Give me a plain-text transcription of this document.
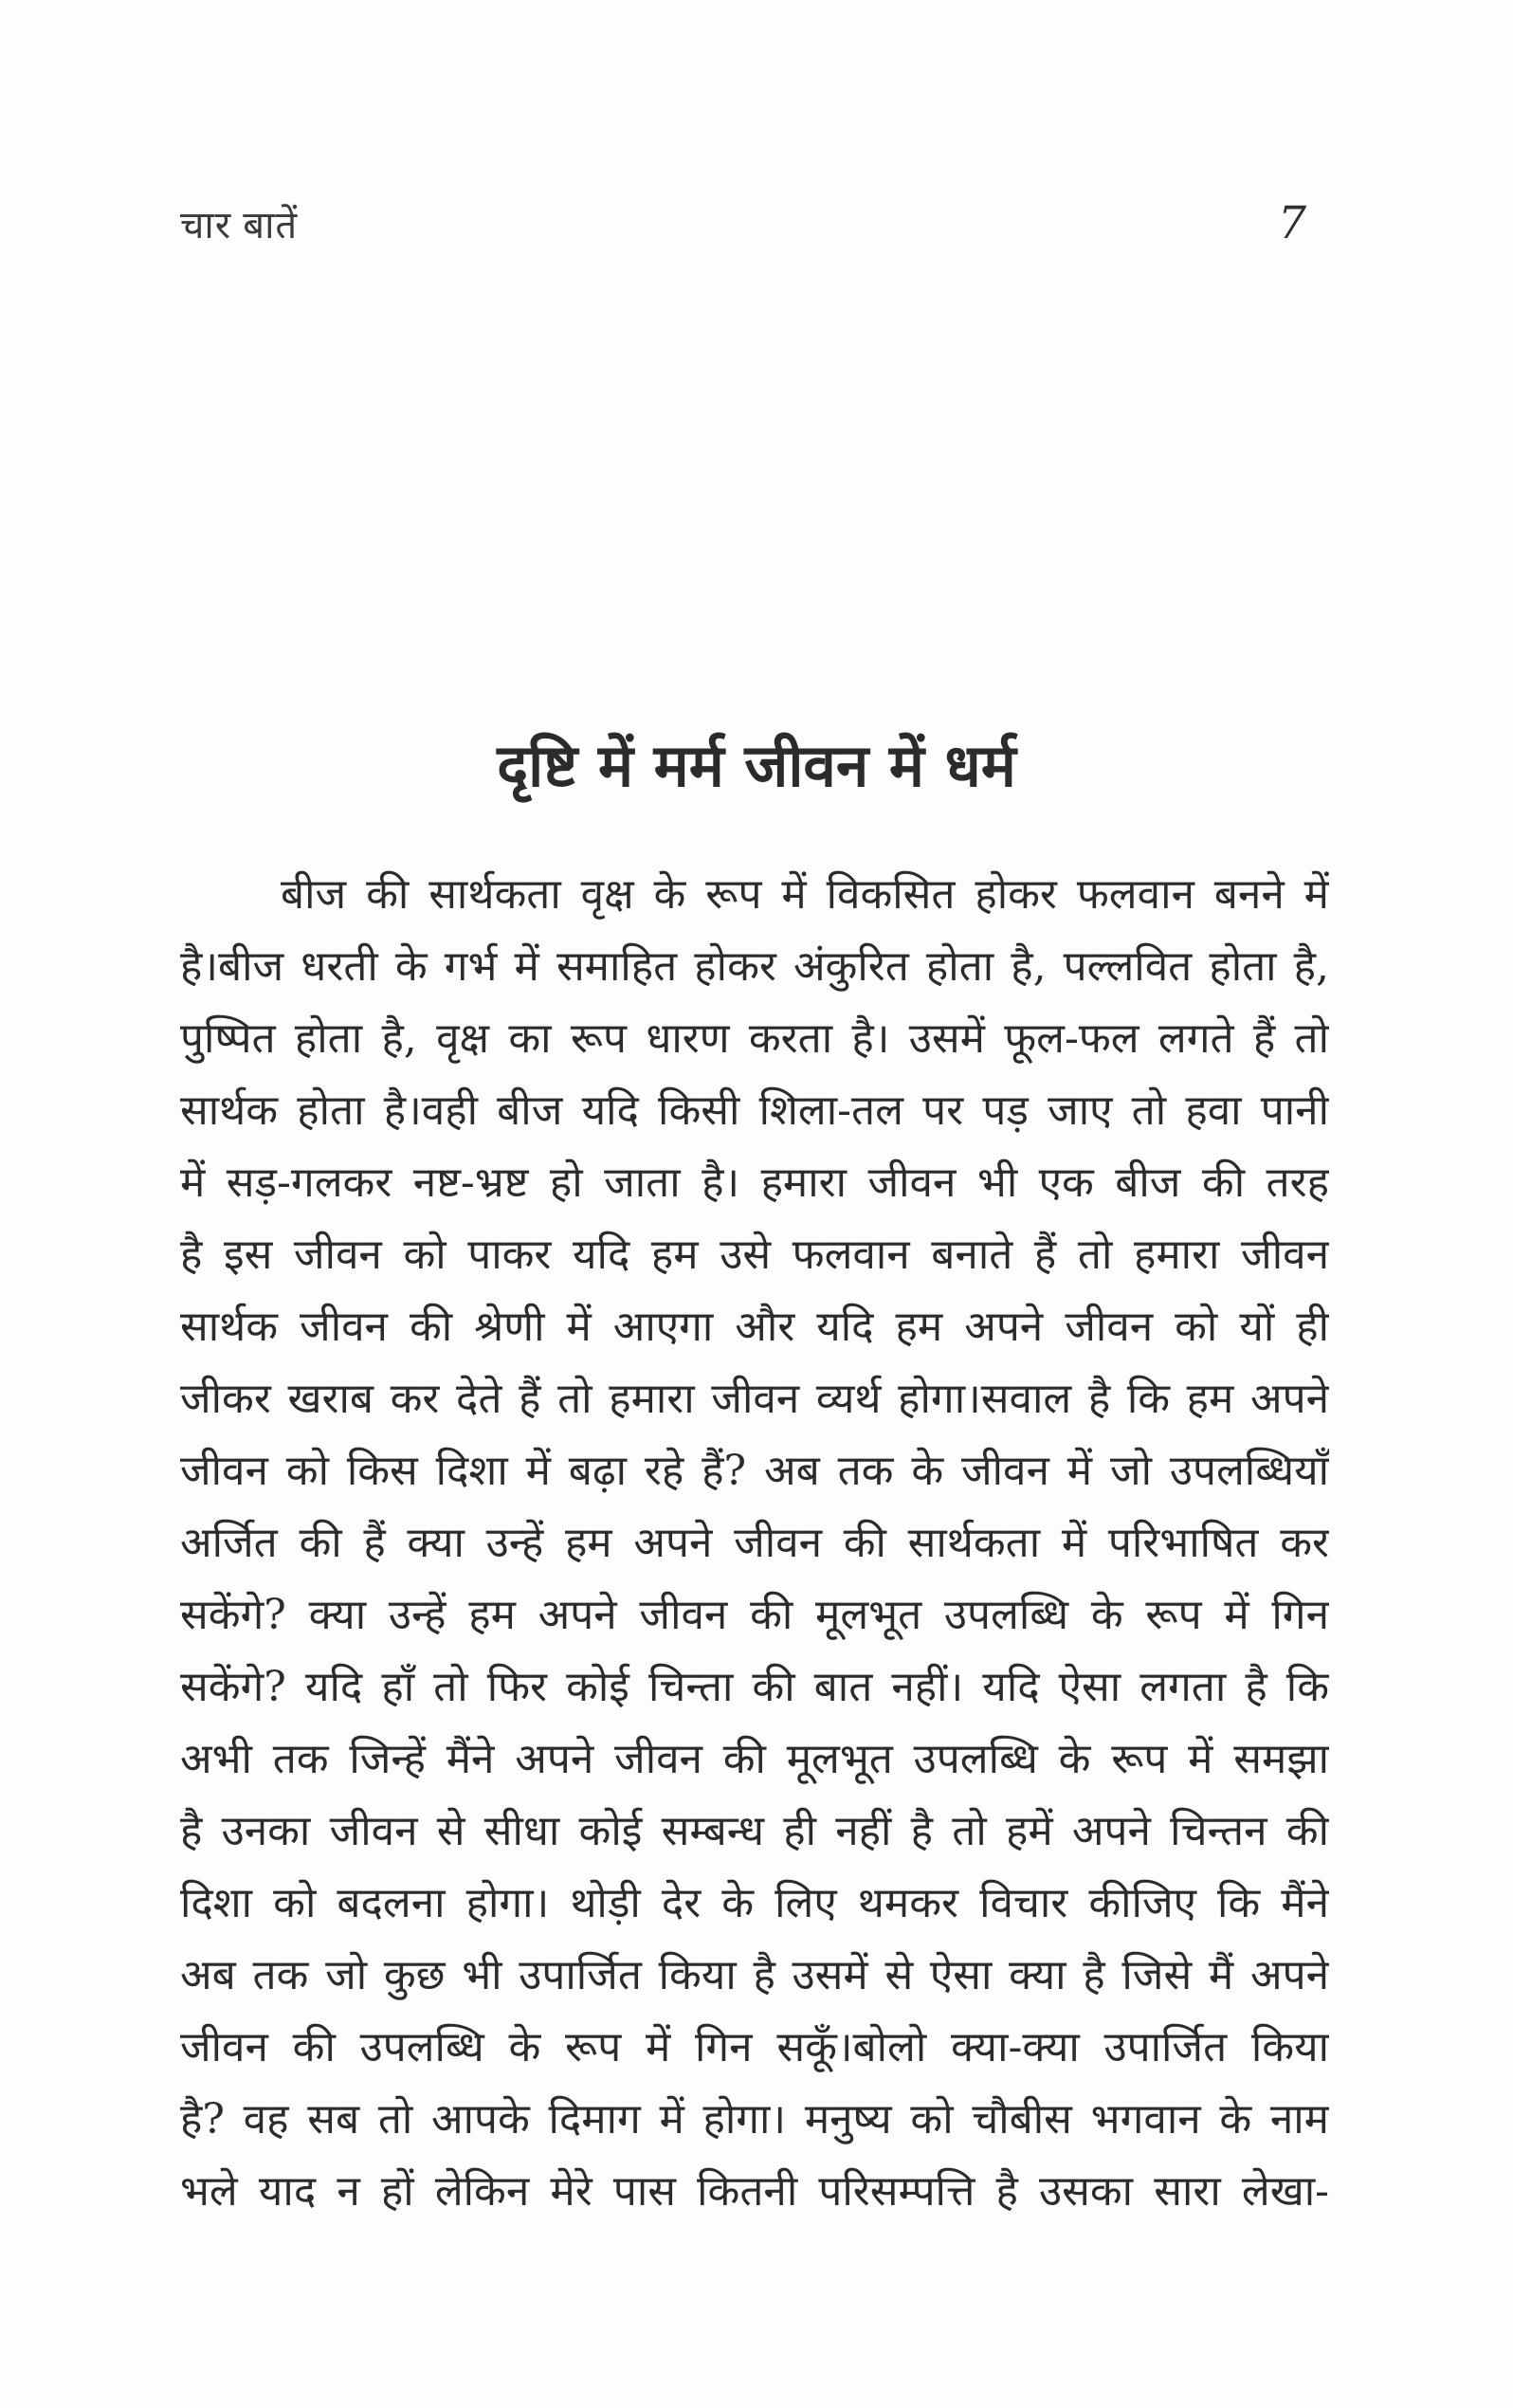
चार बातें	7
दृष्टि में मर्म जीवन में धर्म
बीज की सार्थकता वृक्ष के रूप में विकसित होकर फलवान बनने में
है।बीज धरती के गर्भ में समाहित होकर अंकुरित होता है, पल्लवित होता है,
पुष्पित होता है, वृक्ष का रूप धारण करता है। उसमें फूल-फल लगते हैं तो
सार्थक होता है।वही बीज यदि किसी शिला-तल पर पड़ जाए तो हवा पानी
में सड़-गलकर नष्ट-भ्रष्ट हो जाता है। हमारा जीवन भी एक बीज की तरह
है इस जीवन को पाकर यदि हम उसे फलवान बनाते हैं तो हमारा जीवन
सार्थक जीवन की श्रेणी में आएगा और यदि हम अपने जीवन को यों ही
जीकर खराब कर देते हैं तो हमारा जीवन व्यर्थ होगा।सवाल है कि हम अपने
जीवन को किस दिशा में बढ़ा रहे हैं? अब तक के जीवन में जो उपलब्धियाँ
अर्जित की हैं क्या उन्हें हम अपने जीवन की सार्थकता में परिभाषित कर
सकेंगे? क्या उन्हें हम अपने जीवन की मूलभूत उपलब्धि के रूप में गिन
सकेंगे? यदि हाँ तो फिर कोई चिन्ता की बात नहीं। यदि ऐसा लगता है कि
अभी तक जिन्हें मैंने अपने जीवन की मूलभूत उपलब्धि के रूप में समझा
है उनका जीवन से सीधा कोई सम्बन्ध ही नहीं है तो हमें अपने चिन्तन की
दिशा को बदलना होगा। थोड़ी देर के लिए थमकर विचार कीजिए कि मैंने
अब तक जो कुछ भी उपार्जित किया है उसमें से ऐसा क्या है जिसे मैं अपने
जीवन की उपलब्धि के रूप में गिन सकूँ।बोलो क्या-क्या उपार्जित किया
है? वह सब तो आपके दिमाग में होगा। मनुष्य को चौबीस भगवान के नाम
भले याद न हों लेकिन मेरे पास कितनी परिसम्पत्ति है उसका सारा लेखा-
